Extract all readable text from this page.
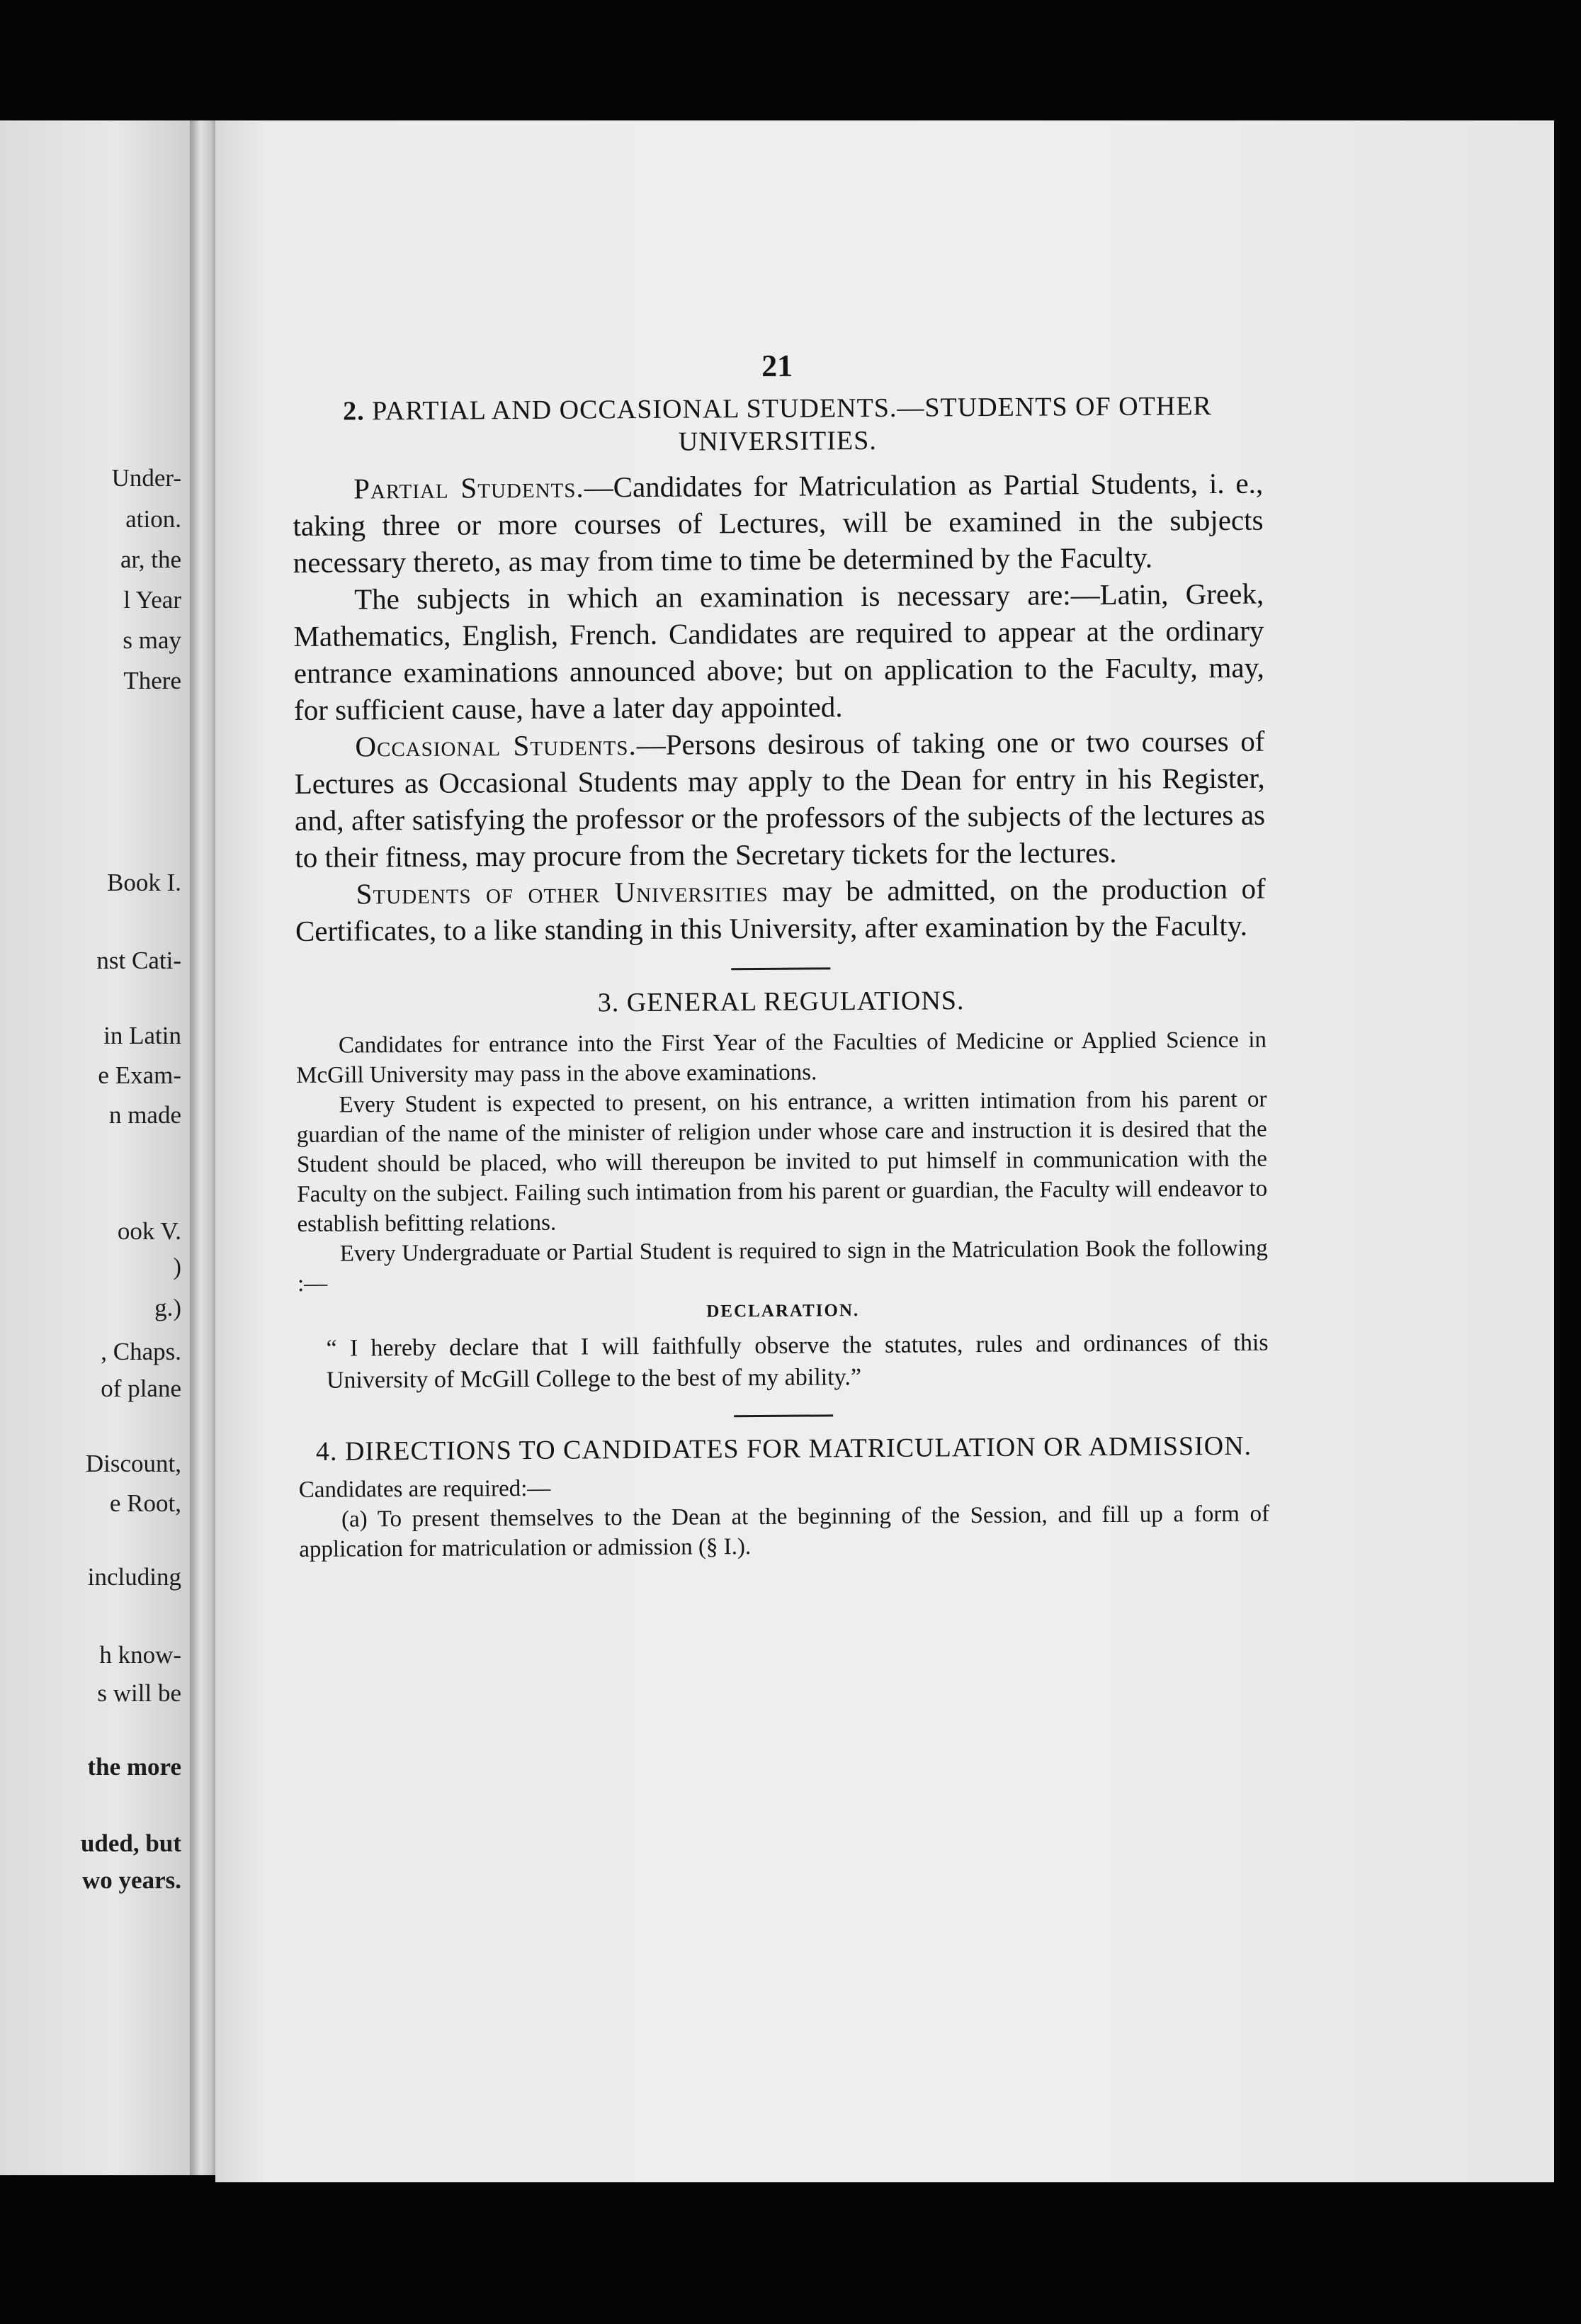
Under-
ation.
ar, the
l Year
s may
There
Book I.
nst Cati-
in Latin
e Exam-
n made
ook V.
)
g.)
, Chaps.
of plane
Discount,
e Root,
including
h know-
s will be
the more
uded, but
wo years.
21
2. PARTIAL AND OCCASIONAL STUDENTS.—STUDENTS OF OTHER UNIVERSITIES.

Partial Students.—Candidates for Matriculation as Partial Students, i. e., taking three or more courses of Lectures, will be examined in the subjects necessary thereto, as may from time to time be determined by the Faculty.

The subjects in which an examination is necessary are:—Latin, Greek, Mathematics, English, French. Candidates are required to appear at the ordinary entrance examinations announced above; but on application to the Faculty, may, for sufficient cause, have a later day appointed.

Occasional Students.—Persons desirous of taking one or two courses of Lectures as Occasional Students may apply to the Dean for entry in his Register, and, after satisfying the professor or the professors of the subjects of the lectures as to their fitness, may procure from the Secretary tickets for the lectures.

Students of other Universities may be admitted, on the production of Certificates, to a like standing in this University, after examination by the Faculty.

3. GENERAL REGULATIONS.

Candidates for entrance into the First Year of the Faculties of Medicine or Applied Science in McGill University may pass in the above examinations.

Every Student is expected to present, on his entrance, a written intimation from his parent or guardian of the name of the minister of religion under whose care and instruction it is desired that the Student should be placed, who will thereupon be invited to put himself in communication with the Faculty on the subject. Failing such intimation from his parent or guardian, the Faculty will endeavor to establish befitting relations.

Every Undergraduate or Partial Student is required to sign in the Matriculation Book the following :—

DECLARATION.

“ I hereby declare that I will faithfully observe the statutes, rules and ordinances of this University of McGill College to the best of my ability.”

4. DIRECTIONS TO CANDIDATES FOR MATRICULATION OR ADMISSION.

Candidates are required:—

(a) To present themselves to the Dean at the beginning of the Session, and fill up a form of application for matriculation or admission (§ I.).
